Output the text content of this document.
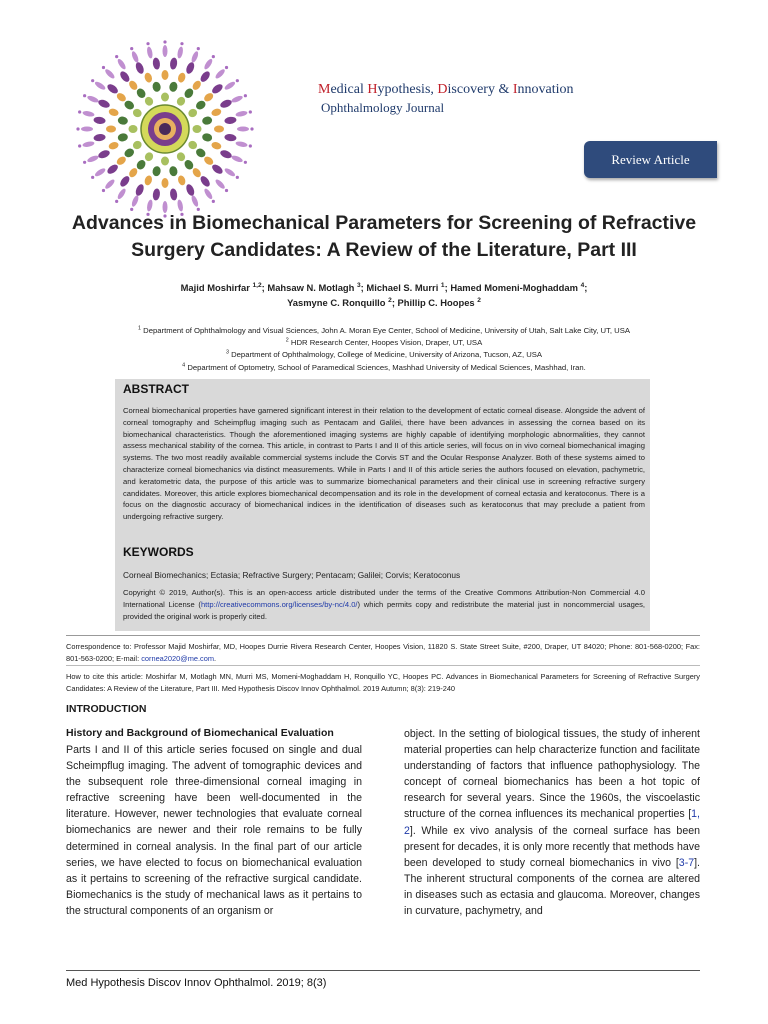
Medical Hypothesis, Discovery & Innovation
Ophthalmology Journal
Review Article
Advances in Biomechanical Parameters for Screening of Refractive Surgery Candidates: A Review of the Literature, Part III
Majid Moshirfar $^{1,2}$; Mahsaw N. Motlagh $^3$; Michael S. Murri $^1$; Hamed Momeni-Moghaddam $^4$;
Yasmyne C. Ronquillo $^2$; Phillip C. Hoopes $^2$
$^1$ Department of Ophthalmology and Visual Sciences, John A. Moran Eye Center, School of Medicine, University of Utah, Salt Lake City, UT, USA
$^2$ HDR Research Center, Hoopes Vision, Draper, UT, USA
$^3$ Department of Ophthalmology, College of Medicine, University of Arizona, Tucson, AZ, USA
$^4$ Department of Optometry, School of Paramedical Sciences, Mashhad University of Medical Sciences, Mashhad, Iran.
ABSTRACT
Corneal biomechanical properties have garnered significant interest in their relation to the development of ectatic corneal disease. Alongside the advent of corneal tomography and Scheimpflug imaging such as Pentacam and Galilei, there have been advances in assessing the cornea based on its biomechanical characteristics. Though the aforementioned imaging systems are highly capable of identifying morphologic abnormalities, they cannot assess mechanical stability of the cornea. This article, in contrast to Parts I and II of this article series, will focus on in vivo corneal biomechanical imaging systems. The two most readily available commercial systems include the Corvis ST and the Ocular Response Analyzer. Both of these systems aimed to characterize corneal biomechanics via distinct measurements. While in Parts I and II of this article series the authors focused on elevation, pachymetric, and keratometric data, the purpose of this article was to summarize biomechanical parameters and their clinical use in screening refractive surgery candidates. Moreover, this article explores biomechanical decompensation and its role in the development of corneal ectasia and keratoconus. There is a focus on the diagnostic accuracy of biomechanical indices in the identification of diseases such as keratoconus that may preclude a patient from undergoing refractive surgery.
KEYWORDS
Corneal Biomechanics; Ectasia; Refractive Surgery; Pentacam; Galilei; Corvis; Keratoconus
Copyright © 2019, Author(s). This is an open-access article distributed under the terms of the Creative Commons Attribution-Non Commercial 4.0 International License (http://creativecommons.org/licenses/by-nc/4.0/) which permits copy and redistribute the material just in noncommercial usages, provided the original work is properly cited.
Correspondence to: Professor Majid Moshirfar, MD, Hoopes Durrie Rivera Research Center, Hoopes Vision, 11820 S. State Street Suite, #200, Draper, UT 84020; Phone: 801-568-0200; Fax: 801-563-0200; E-mail: cornea2020@me.com.
How to cite this article: Moshirfar M, Motlagh MN, Murri MS, Momeni-Moghaddam H, Ronquillo YC, Hoopes PC. Advances in Biomechanical Parameters for Screening of Refractive Surgery Candidates: A Review of the Literature, Part III. Med Hypothesis Discov Innov Ophthalmol. 2019 Autumn; 8(3): 219-240
INTRODUCTION
History and Background of Biomechanical Evaluation
Parts I and II of this article series focused on single and dual Scheimpflug imaging. The advent of tomographic devices and the subsequent role three-dimensional corneal imaging in refractive screening have been well-documented in the literature. However, newer technologies that evaluate corneal biomechanics are newer and their role remains to be fully determined in corneal analysis. In the final part of our article series, we have elected to focus on biomechanical evaluation as it pertains to screening of the refractive surgical candidate. Biomechanics is the study of mechanical laws as it pertains to the structural components of an organism or
object. In the setting of biological tissues, the study of inherent material properties can help characterize function and facilitate understanding of factors that influence pathophysiology. The concept of corneal biomechanics has been a hot topic of research for several years. Since the 1960s, the viscoelastic structure of the cornea influences its mechanical properties [1, 2]. While ex vivo analysis of the corneal surface has been present for decades, it is only more recently that methods have been developed to study corneal biomechanics in vivo [3-7]. The inherent structural components of the cornea are altered in diseases such as ectasia and glaucoma. Moreover, changes in curvature, pachymetry, and
Med Hypothesis Discov Innov Ophthalmol. 2019; 8(3)
